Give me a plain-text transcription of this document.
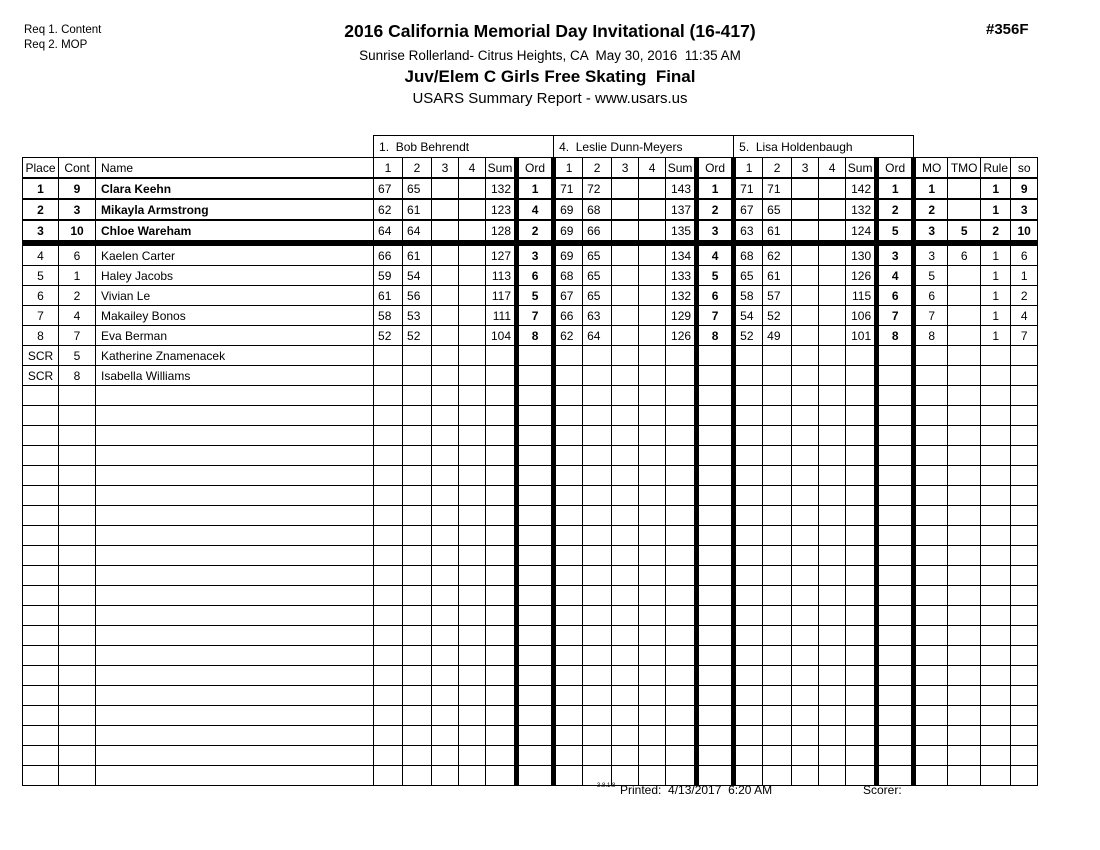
Req 1. Content
Req 2. MOP
2016 California Memorial Day Invitational (16-417)
Sunrise Rollerland- Citrus Heights, CA  May 30, 2016  11:35 AM
Juv/Elem C Girls Free Skating  Final
USARS Summary Report - www.usars.us
#356F
			1.  Bob Behrendt						4.  Leslie Dunn-Meyers						5.  Lisa Holdenbaugh									
Place	Cont	Name	1	2	3	4	Sum	Ord	1	2	3	4	Sum	Ord	1	2	3	4	Sum	Ord	MO	TMO	Rule	so
1	9	Clara Keehn	67	65			132	1	71	72			143	1	71	71			142	1	1		1	9
2	3	Mikayla Armstrong	62	61			123	4	69	68			137	2	67	65			132	2	2		1	3
3	10	Chloe Wareham	64	64			128	2	69	66			135	3	63	61			124	5	3	5	2	10
4	6	Kaelen Carter	66	61			127	3	69	65			134	4	68	62			130	3	3	6	1	6
5	1	Haley Jacobs	59	54			113	6	68	65			133	5	65	61			126	4	5		1	1
6	2	Vivian Le	61	56			117	5	67	65			132	6	58	57			115	6	6		1	2
7	4	Makailey Bonos	58	53			111	7	66	63			129	7	54	52			106	7	7		1	4
8	7	Eva Berman	52	52			104	8	62	64			126	8	52	49			101	8	8		1	7
SCR	5	Katherine Znamenacek																						
SCR	8	Isabella Williams																						

3.8.1.8 Printed:  4/13/2017  6:20 AM	Scorer:
